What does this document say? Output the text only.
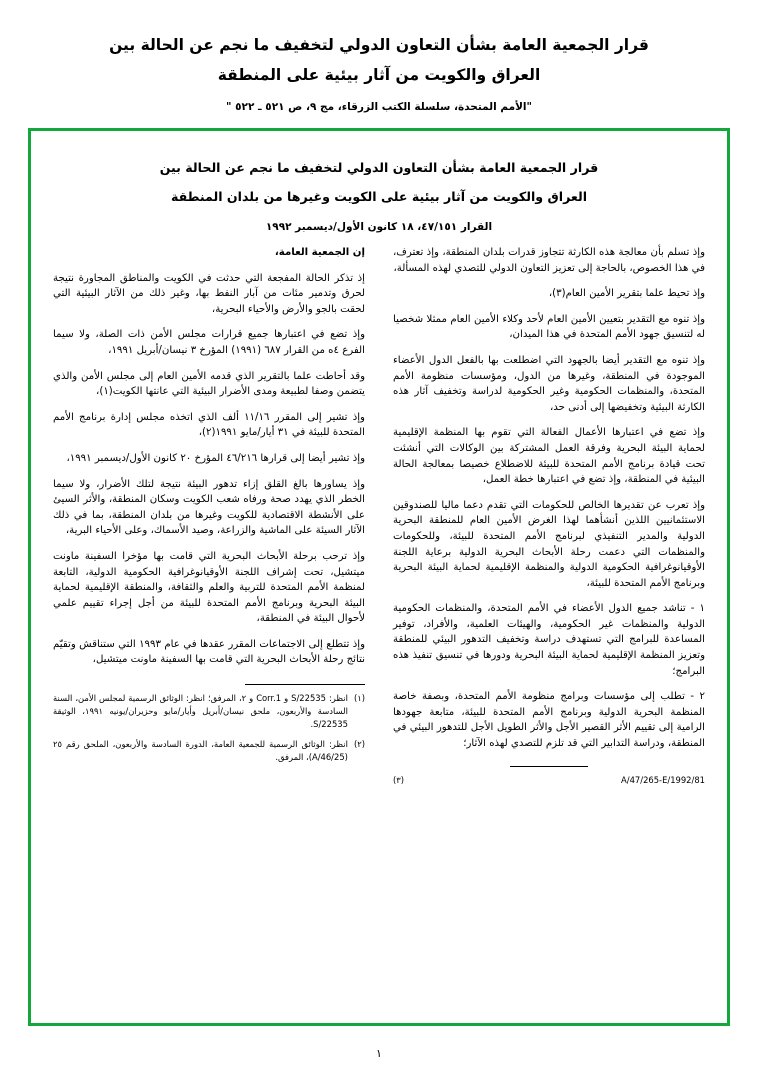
قرار الجمعية العامة بشأن التعاون الدولي لتخفيف ما نجم عن الحالة بين
العراق والكويت من آثار بيئية على المنطقة
"الأمم المتحدة، سلسلة الكتب الزرقاء، مج ٩، ص ٥٢١ ـ ٥٢٢ "
قرار الجمعية العامة بشأن التعاون الدولي لتخفيف ما نجم عن الحالة بين
العراق والكويت من آثار بيئية على الكويت وغيرها من بلدان المنطقة
القرار ٤٧/١٥١، ١٨ كانون الأول/ديسمبر ١٩٩٢

وإذ تسلم بأن معالجة هذه الكارثة تتجاوز قدرات بلدان المنطقة، وإذ تعترف، في هذا الخصوص، بالحاجة إلى تعزيز التعاون الدولي للتصدي لهذه المسألة،

وإذ تحيط علما بتقرير الأمين العام(٣)،

وإذ تنوه مع التقدير بتعيين الأمين العام لأحد وكلاء الأمين العام ممثلا شخصيا له لتنسيق جهود الأمم المتحدة في هذا الميدان،

وإذ تنوه مع التقدير أيضا بالجهود التي اضطلعت بها بالفعل الدول الأعضاء الموجودة في المنطقة، وغيرها من الدول، ومؤسسات منظومة الأمم المتحدة، والمنظمات الحكومية وغير الحكومية لدراسة وتخفيف آثار هذه الكارثة البيئية وتخفيضها إلى أدنى حد،

وإذ تضع في اعتبارها الأعمال الفعالة التي تقوم بها المنظمة الإقليمية لحماية البيئة البحرية وفرقة العمل المشتركة بين الوكالات التي أنشئت تحت قيادة برنامج الأمم المتحدة للبيئة للاضطلاع خصيصا بمعالجة الحالة البيئية في المنطقة، وإذ تضع في اعتبارها خطة العمل،

وإذ تعرب عن تقديرها الخالص للحكومات التي تقدم دعما ماليا للصندوقين الاستئمانيين اللذين أنشأهما لهذا الغرض الأمين العام للمنطقة البحرية الدولية والمدير التنفيذي لبرنامج الأمم المتحدة للبيئة، وللحكومات والمنظمات التي دعمت رحلة الأبحاث البحرية الدولية برعاية اللجنة الأوقيانوغرافية الحكومية الدولية والمنظمة الإقليمية لحماية البيئة البحرية وبرنامج الأمم المتحدة للبيئة،

١ - تناشد جميع الدول الأعضاء في الأمم المتحدة، والمنظمات الحكومية الدولية والمنظمات غير الحكومية، والهيئات العلمية، والأفراد، توفير المساعدة للبرامج التي تستهدف دراسة وتخفيف التدهور البيئي للمنطقة وتعزيز المنظمة الإقليمية لحماية البيئة البحرية ودورها في تنسيق تنفيذ هذه البرامج؛

٢ - تطلب إلى مؤسسات وبرامج منظومة الأمم المتحدة، وبصفة خاصة المنظمة البحرية الدولية وبرنامج الأمم المتحدة للبيئة، متابعة جهودها الرامية إلى تقييم الأثر القصير الأجل والأثر الطويل الأجل للتدهور البيئي في المنطقة، ودراسة التدابير التي قد تلزم للتصدي لهذه الآثار؛

A/47/265-E/1992/81
(٣)

إن الجمعية العامة،

إذ تذكر الحالة المفجعة التي حدثت في الكويت والمناطق المجاورة نتيجة لحرق وتدمير مئات من آبار النفط بها، وغير ذلك من الآثار البيئية التي لحقت بالجو والأرض والأحياء البحرية،

وإذ تضع في اعتبارها جميع قرارات مجلس الأمن ذات الصلة، ولا سيما الفرع ٤ه من القرار ٦٨٧ (١٩٩١) المؤرخ ٣ نيسان/أبريل ١٩٩١،

وقد أحاطت علما بالتقرير الذي قدمه الأمين العام إلى مجلس الأمن والذي يتضمن وصفا لطبيعة ومدى الأضرار البيئية التي عانتها الكويت(١)،

وإذ تشير إلى المقرر ١١/١٦ ألف الذي اتخذه مجلس إدارة برنامج الأمم المتحدة للبيئة في ٣١ أيار/مايو ١٩٩١(٢)،

وإذ تشير أيضا إلى قرارها ٤٦/٢١٦ المؤرخ ٢٠ كانون الأول/ديسمبر ١٩٩١،

وإذ يساورها بالغ القلق إزاء تدهور البيئة نتيجة لتلك الأضرار، ولا سيما الخطر الذي يهدد صحة ورفاه شعب الكويت وسكان المنطقة، والأثر السيئ على الأنشطة الاقتصادية للكويت وغيرها من بلدان المنطقة، بما في ذلك الآثار السيئة على الماشية والزراعة، وصيد الأسماك، وعلى الأحياء البرية،

وإذ ترحب برحلة الأبحاث البحرية التي قامت بها مؤخرا السفينة ماونت ميتشيل، تحت إشراف اللجنة الأوقيانوغرافية الحكومية الدولية، التابعة لمنظمة الأمم المتحدة للتربية والعلم والثقافة، والمنطقة الإقليمية لحماية البيئة البحرية وبرنامج الأمم المتحدة للبيئة من أجل إجراء تقييم علمي لأحوال البيئة في المنطقة،

وإذ تتطلع إلى الاجتماعات المقرر عقدها في عام ١٩٩٣ التي ستناقش وتقيّم نتائج رحلة الأبحاث البحرية التي قامت بها السفينة ماونت ميتشيل،

(١)
انظر: S/22535 و Corr.1 و ٢، المرفق؛ انظر: الوثائق الرسمية لمجلس الأمن، السنة السادسة والأربعون، ملحق نيسان/أبريل وأيار/مايو وحزيران/يونيه ١٩٩١، الوثيقة S/22535.
(٢)
انظر: الوثائق الرسمية للجمعية العامة، الدورة السادسة والأربعون، الملحق رقم ٢٥ (A/46/25)، المرفق.
١
